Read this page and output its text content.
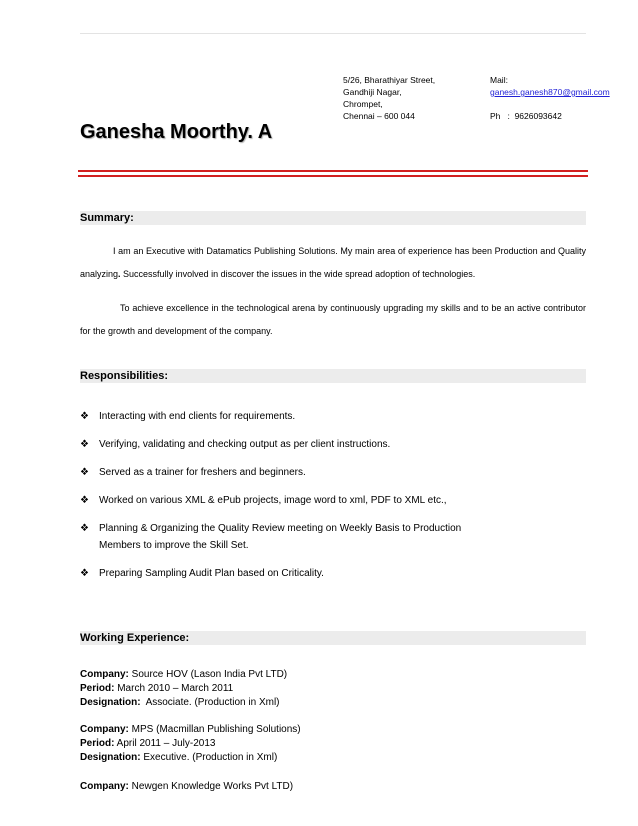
5/26, Bharathiyar Street,
Gandhiji Nagar,
Chrompet,
Chennai – 600 044
Mail:
ganesh.ganesh870@gmail.com
Ph   :  9626093642
Ganesha Moorthy. A
Summary:
I am an Executive with Datamatics Publishing Solutions. My main area of experience has been Production and Quality analyzing. Successfully involved in discover the issues in the wide spread adoption of technologies.
To achieve excellence in the technological arena by continuously upgrading my skills and to be an active contributor for the growth and development of the company.
Responsibilities:
❖	Interacting with end clients for requirements.
❖	Verifying, validating and checking output as per client instructions.
❖	Served as a trainer for freshers and beginners.
❖	Worked on various XML & ePub projects, image word to xml, PDF to XML etc.,
❖	Planning & Organizing the Quality Review meeting on Weekly Basis to Production Members to improve the Skill Set.
❖	Preparing Sampling Audit Plan based on Criticality.
Working Experience:
Company: Source HOV (Lason India Pvt LTD)
Period: March 2010 – March 2011
Designation:  Associate. (Production in Xml)
Company: MPS (Macmillan Publishing Solutions)
Period: April 2011 – July-2013
Designation: Executive. (Production in Xml)
Company: Newgen Knowledge Works Pvt LTD)
